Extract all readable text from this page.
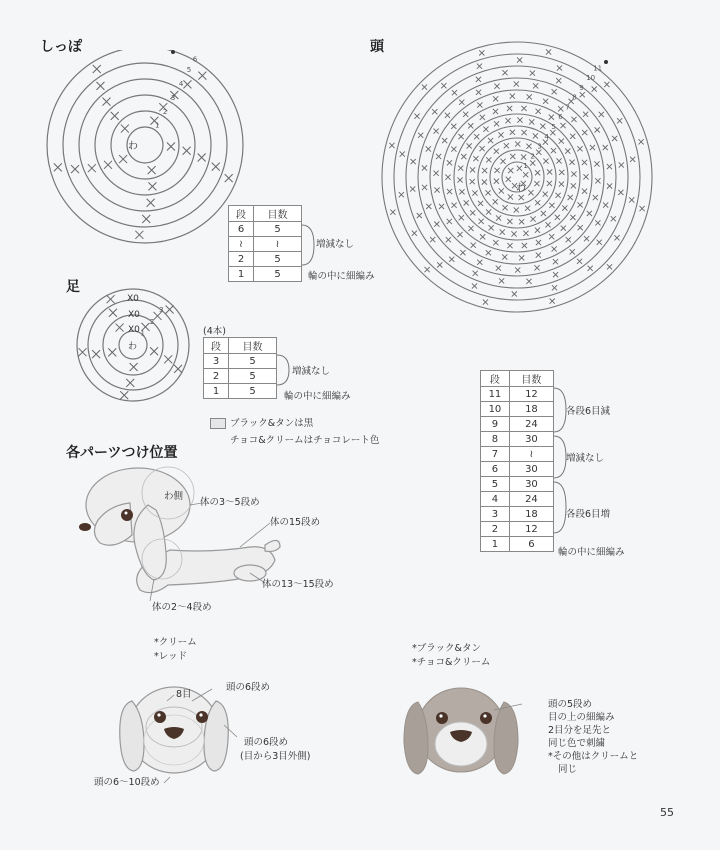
しっぽ
わ
1
2
3
4
5
6
段	目数
6	5
≀	≀
2	5
1	5
増減なし
輪の中に細編み
頭
わ
1
2
3
4
5
6
7
8
9
10
11
段	目数
11	12
10	18
9	24
8	30
7	≀
6	30
5	30
4	24
3	18
2	12
1	6
各段6目減
増減なし
各段6目増
輪の中に細編み
足
わ
1
2
3
X0
X0
X0	(4本)
段	目数
3	5
2	5
1	5
増減なし
輪の中に細編み
ブラック&タンは黒
チョコ&クリームはチョコレート色
各パーツつけ位置
わ側
体の3〜5段め
体の15段め
体の13〜15段め
体の2〜4段め
*クリーム
*レッド
8目
頭の6段め
頭の6段め
(目から3目外側)
頭の6〜10段め
*ブラック&タン
*チョコ&クリーム
頭の5段め
目の上の細編み
2目分を足先と
同じ色で刺繍
*その他はクリームと
同じ
55
